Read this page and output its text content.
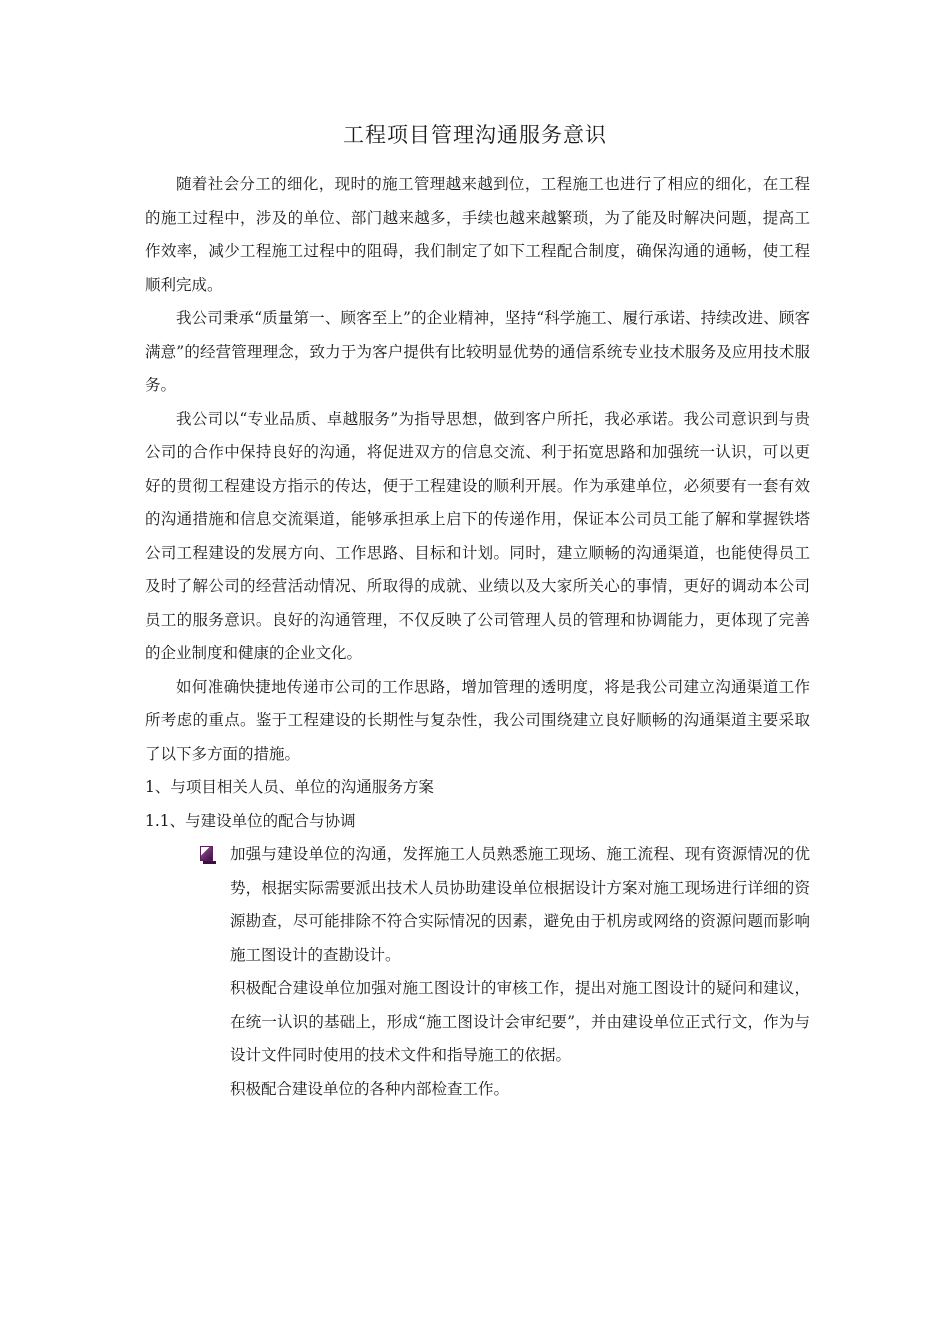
工程项目管理沟通服务意识

随着社会分工的细化，现时的施工管理越来越到位，工程施工也进行了相应的细化，在工程的施工过程中，涉及的单位、部门越来越多，手续也越来越繁琐，为了能及时解决问题，提高工作效率，减少工程施工过程中的阻碍，我们制定了如下工程配合制度，确保沟通的通畅，使工程顺利完成。

我公司秉承“质量第一、顾客至上”的企业精神，坚持“科学施工、履行承诺、持续改进、顾客满意”的经营管理理念，致力于为客户提供有比较明显优势的通信系统专业技术服务及应用技术服务。

我公司以“专业品质、卓越服务”为指导思想，做到客户所托，我必承诺。我公司意识到与贵公司的合作中保持良好的沟通，将促进双方的信息交流、利于拓宽思路和加强统一认识，可以更好的贯彻工程建设方指示的传达，便于工程建设的顺利开展。作为承建单位，必须要有一套有效的沟通措施和信息交流渠道，能够承担承上启下的传递作用，保证本公司员工能了解和掌握铁塔公司工程建设的发展方向、工作思路、目标和计划。同时，建立顺畅的沟通渠道，也能使得员工及时了解公司的经营活动情况、所取得的成就、业绩以及大家所关心的事情，更好的调动本公司员工的服务意识。良好的沟通管理，不仅反映了公司管理人员的管理和协调能力，更体现了完善的企业制度和健康的企业文化。

如何准确快捷地传递市公司的工作思路，增加管理的透明度，将是我公司建立沟通渠道工作所考虑的重点。鉴于工程建设的长期性与复杂性，我公司围绕建立良好顺畅的沟通渠道主要采取了以下多方面的措施。

1、与项目相关人员、单位的沟通服务方案

1.1、与建设单位的配合与协调

加强与建设单位的沟通，发挥施工人员熟悉施工现场、施工流程、现有资源情况的优势，根据实际需要派出技术人员协助建设单位根据设计方案对施工现场进行详细的资源勘查，尽可能排除不符合实际情况的因素，避免由于机房或网络的资源问题而影响施工图设计的查勘设计。

积极配合建设单位加强对施工图设计的审核工作，提出对施工图设计的疑问和建议，在统一认识的基础上，形成“施工图设计会审纪要”，并由建设单位正式行文，作为与设计文件同时使用的技术文件和指导施工的依据。

积极配合建设单位的各种内部检查工作。
